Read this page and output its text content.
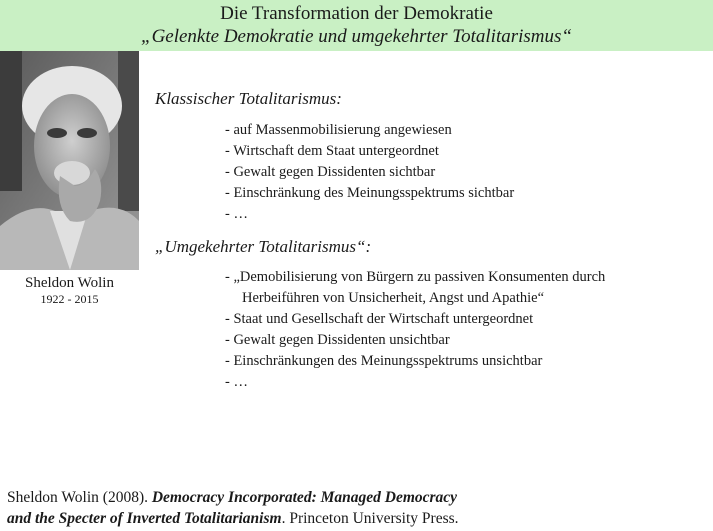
Die Transformation der Demokratie
„Gelenkte Demokratie und umgekehrter Totalitarismus“
Sheldon Wolin
1922 - 2015
Klassischer Totalitarismus:
- auf Massenmobilisierung angewiesen
- Wirtschaft dem Staat untergeordnet
- Gewalt gegen Dissidenten sichtbar
- Einschränkung des Meinungsspektrums sichtbar
- …
„Umgekehrter Totalitarismus“:
- „Demobilisierung von Bürgern zu passiven Konsumenten durch
Herbeiführen von Unsicherheit, Angst und Apathie“
- Staat und Gesellschaft der Wirtschaft untergeordnet
- Gewalt gegen Dissidenten unsichtbar
- Einschränkungen des Meinungsspektrums unsichtbar
- …
Sheldon Wolin (2008). Democracy Incorporated: Managed Democracy
and the Specter of Inverted Totalitarianism. Princeton University Press.
